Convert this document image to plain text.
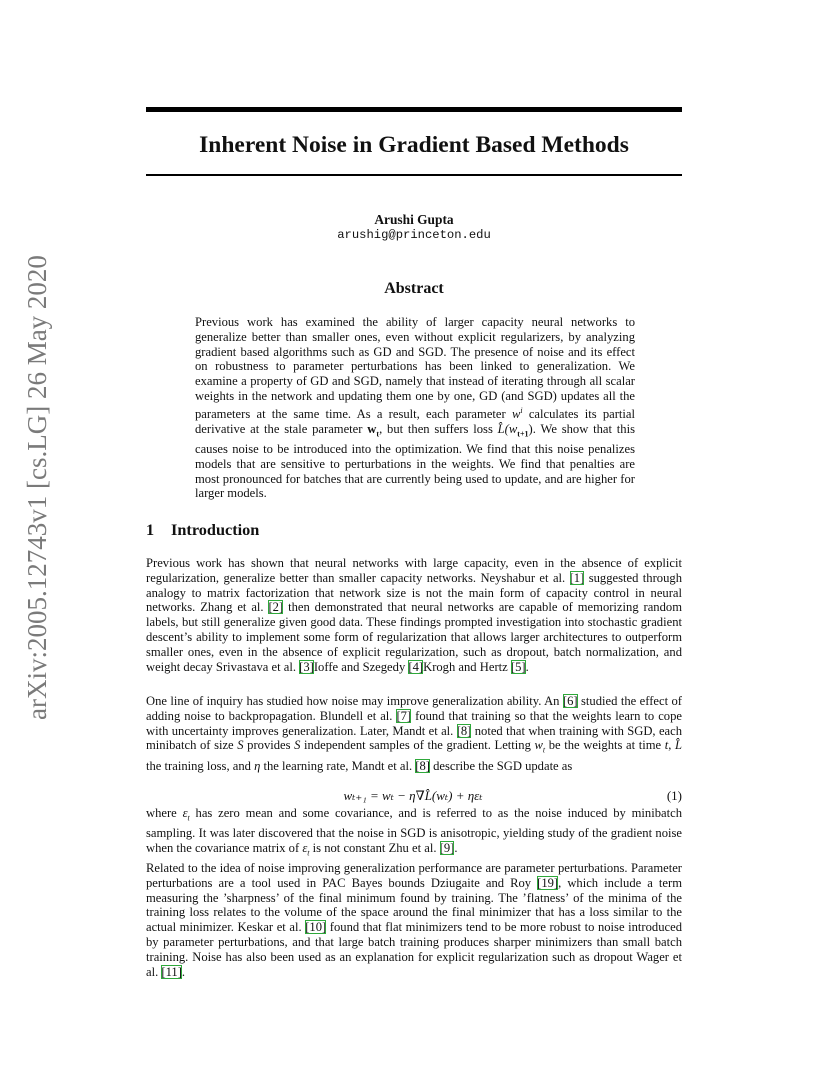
arXiv:2005.12743v1 [cs.LG] 26 May 2020
Inherent Noise in Gradient Based Methods
Arushi Gupta
arushig@princeton.edu
Abstract
Previous work has examined the ability of larger capacity neural networks to generalize better than smaller ones, even without explicit regularizers, by analyzing gradient based algorithms such as GD and SGD. The presence of noise and its effect on robustness to parameter perturbations has been linked to generalization. We examine a property of GD and SGD, namely that instead of iterating through all scalar weights in the network and updating them one by one, GD (and SGD) updates all the parameters at the same time. As a result, each parameter $w^i$ calculates its partial derivative at the stale parameter $w_t$, but then suffers loss $L̂(w_{t+1})$. We show that this causes noise to be introduced into the optimization. We find that this noise penalizes models that are sensitive to perturbations in the weights. We find that penalties are most pronounced for batches that are currently being used to update, and are higher for larger models.
1 Introduction
Previous work has shown that neural networks with large capacity, even in the absence of explicit regularization, generalize better than smaller capacity networks. Neyshabur et al. [1] suggested through analogy to matrix factorization that network size is not the main form of capacity control in neural networks. Zhang et al. [2] then demonstrated that neural networks are capable of memorizing random labels, but still generalize given good data. These findings prompted investigation into stochastic gradient descent’s ability to implement some form of regularization that allows larger architectures to outperform smaller ones, even in the absence of explicit regularization, such as dropout, batch normalization, and weight decay Srivastava et al. [3]Ioffe and Szegedy [4]Krogh and Hertz [5].
One line of inquiry has studied how noise may improve generalization ability. An [6] studied the effect of adding noise to backpropagation. Blundell et al. [7] found that training so that the weights learn to cope with uncertainty improves generalization. Later, Mandt et al. [8] noted that when training with SGD, each minibatch of size S provides S independent samples of the gradient. Letting $w_t$ be the weights at time t, L̂ the training loss, and η the learning rate, Mandt et al. [8] describe the SGD update as
wₜ₊₁ = wₜ − η∇L̂(wₜ) + ηεₜ	(1)
where $\varepsilon_t$ has zero mean and some covariance, and is referred to as the noise induced by minibatch sampling. It was later discovered that the noise in SGD is anisotropic, yielding study of the gradient noise when the covariance matrix of $\varepsilon_t$ is not constant Zhu et al. [9].
Related to the idea of noise improving generalization performance are parameter perturbations. Parameter perturbations are a tool used in PAC Bayes bounds Dziugaite and Roy [19], which include a term measuring the ’sharpness’ of the final minimum found by training. The ’flatness’ of the minima of the training loss relates to the volume of the space around the final minimizer that has a loss similar to the actual minimizer. Keskar et al. [10] found that flat minimizers tend to be more robust to noise introduced by parameter perturbations, and that large batch training produces sharper minimizers than small batch training. Noise has also been used as an explanation for explicit regularization such as dropout Wager et al. [11].
